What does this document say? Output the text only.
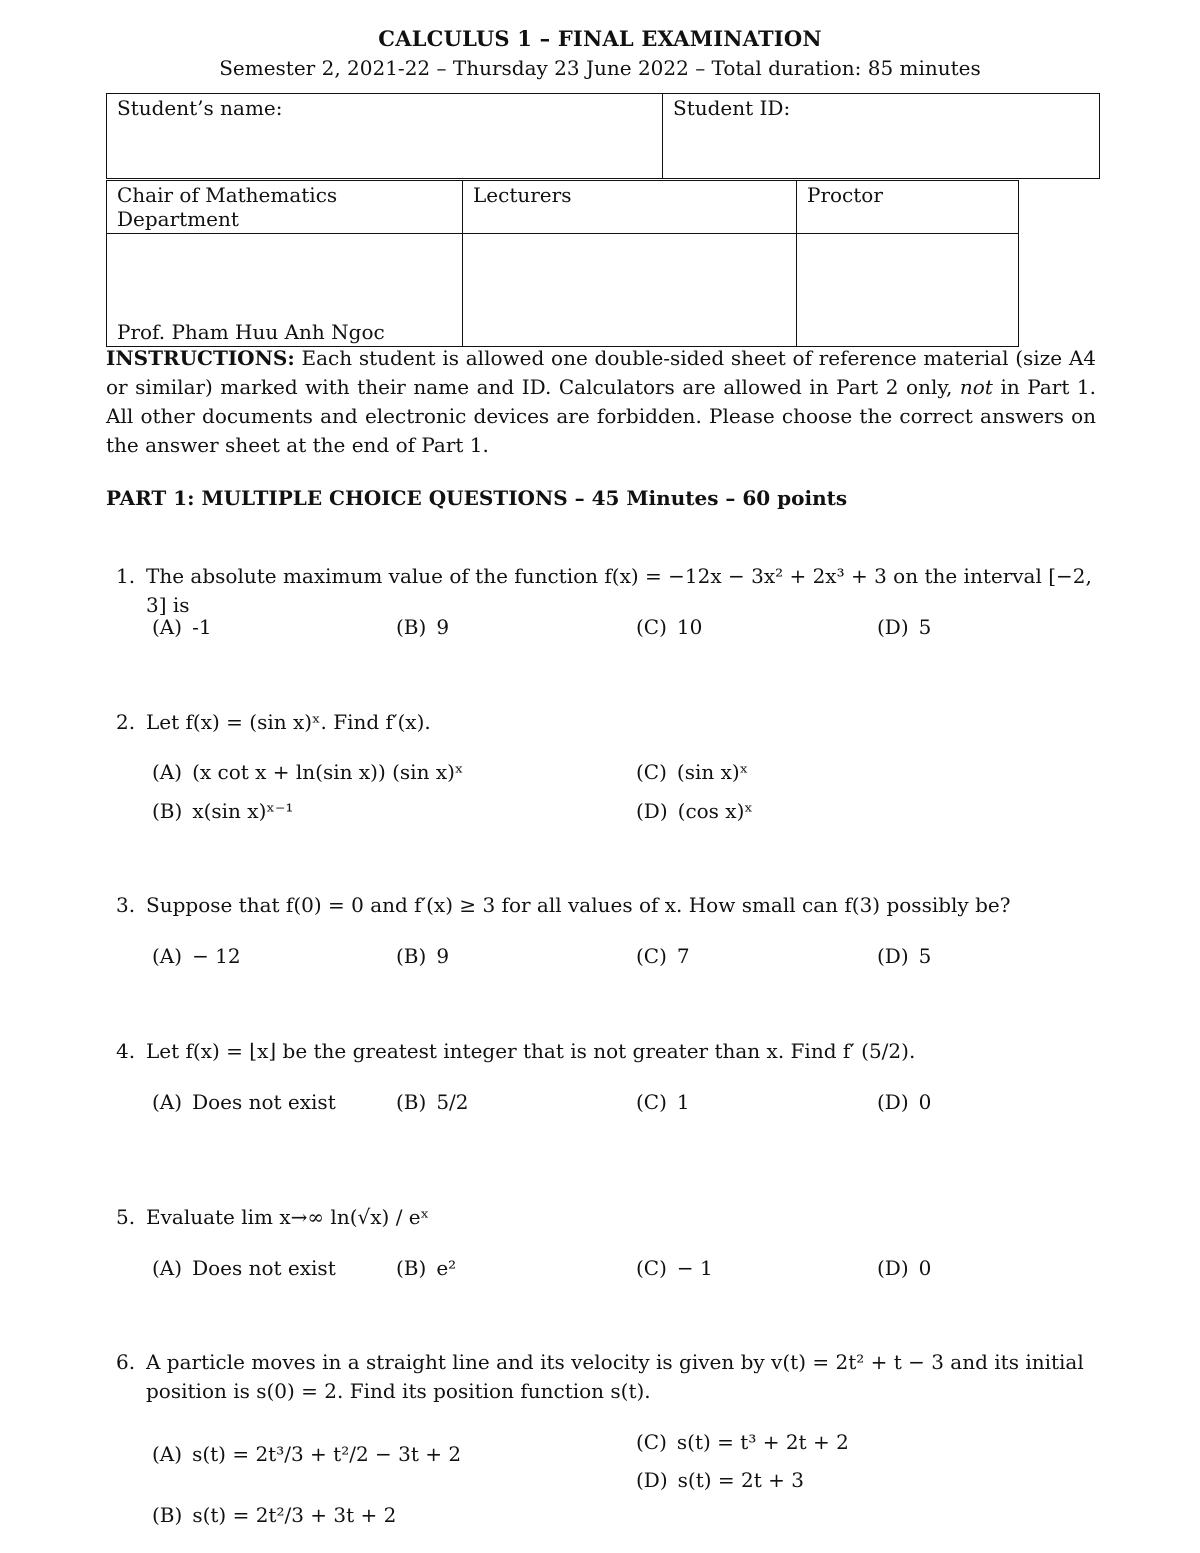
CALCULUS 1 – FINAL EXAMINATION
Semester 2, 2021-22 – Thursday 23 June 2022 – Total duration: 85 minutes
Student’s name:	Student ID:
Chair of Mathematics Department	Lecturers	Proctor

Prof. Pham Huu Anh Ngoc		

INSTRUCTIONS: Each student is allowed one double-sided sheet of reference material (size A4 or similar) marked with their name and ID. Calculators are allowed in Part 2 only, not in Part 1. All other documents and electronic devices are forbidden. Please choose the correct answers on the answer sheet at the end of Part 1.
PART 1: MULTIPLE CHOICE QUESTIONS – 45 Minutes – 60 points
1. The absolute maximum value of the function f(x) = −12x − 3x² + 2x³ + 3 on the interval [−2, 3] is
(A) -1	(B) 9	(C) 10	(D) 5
2. Let f(x) = (sin x)ˣ. Find f′(x).
(A) (x cot x + ln(sin x)) (sin x)ˣ
(B) x(sin x)ˣ⁻¹
(C) (sin x)ˣ
(D) (cos x)ˣ
3. Suppose that f(0) = 0 and f′(x) ≥ 3 for all values of x. How small can f(3) possibly be?
(A) − 12	(B) 9	(C) 7	(D) 5
4. Let f(x) = ⌊x⌋ be the greatest integer that is not greater than x. Find f′ (5/2).
(A) Does not exist	(B) 5/2	(C) 1	(D) 0
5. Evaluate lim x→∞ ln(√x) / eˣ
(A) Does not exist	(B) e²	(C) − 1	(D) 0
6. A particle moves in a straight line and its velocity is given by v(t) = 2t² + t − 3 and its initial position is s(0) = 2. Find its position function s(t).
(A) s(t) = 2t³/3 + t²/2 − 3t + 2
(B) s(t) = 2t²/3 + 3t + 2
(C) s(t) = t³ + 2t + 2
(D) s(t) = 2t + 3
